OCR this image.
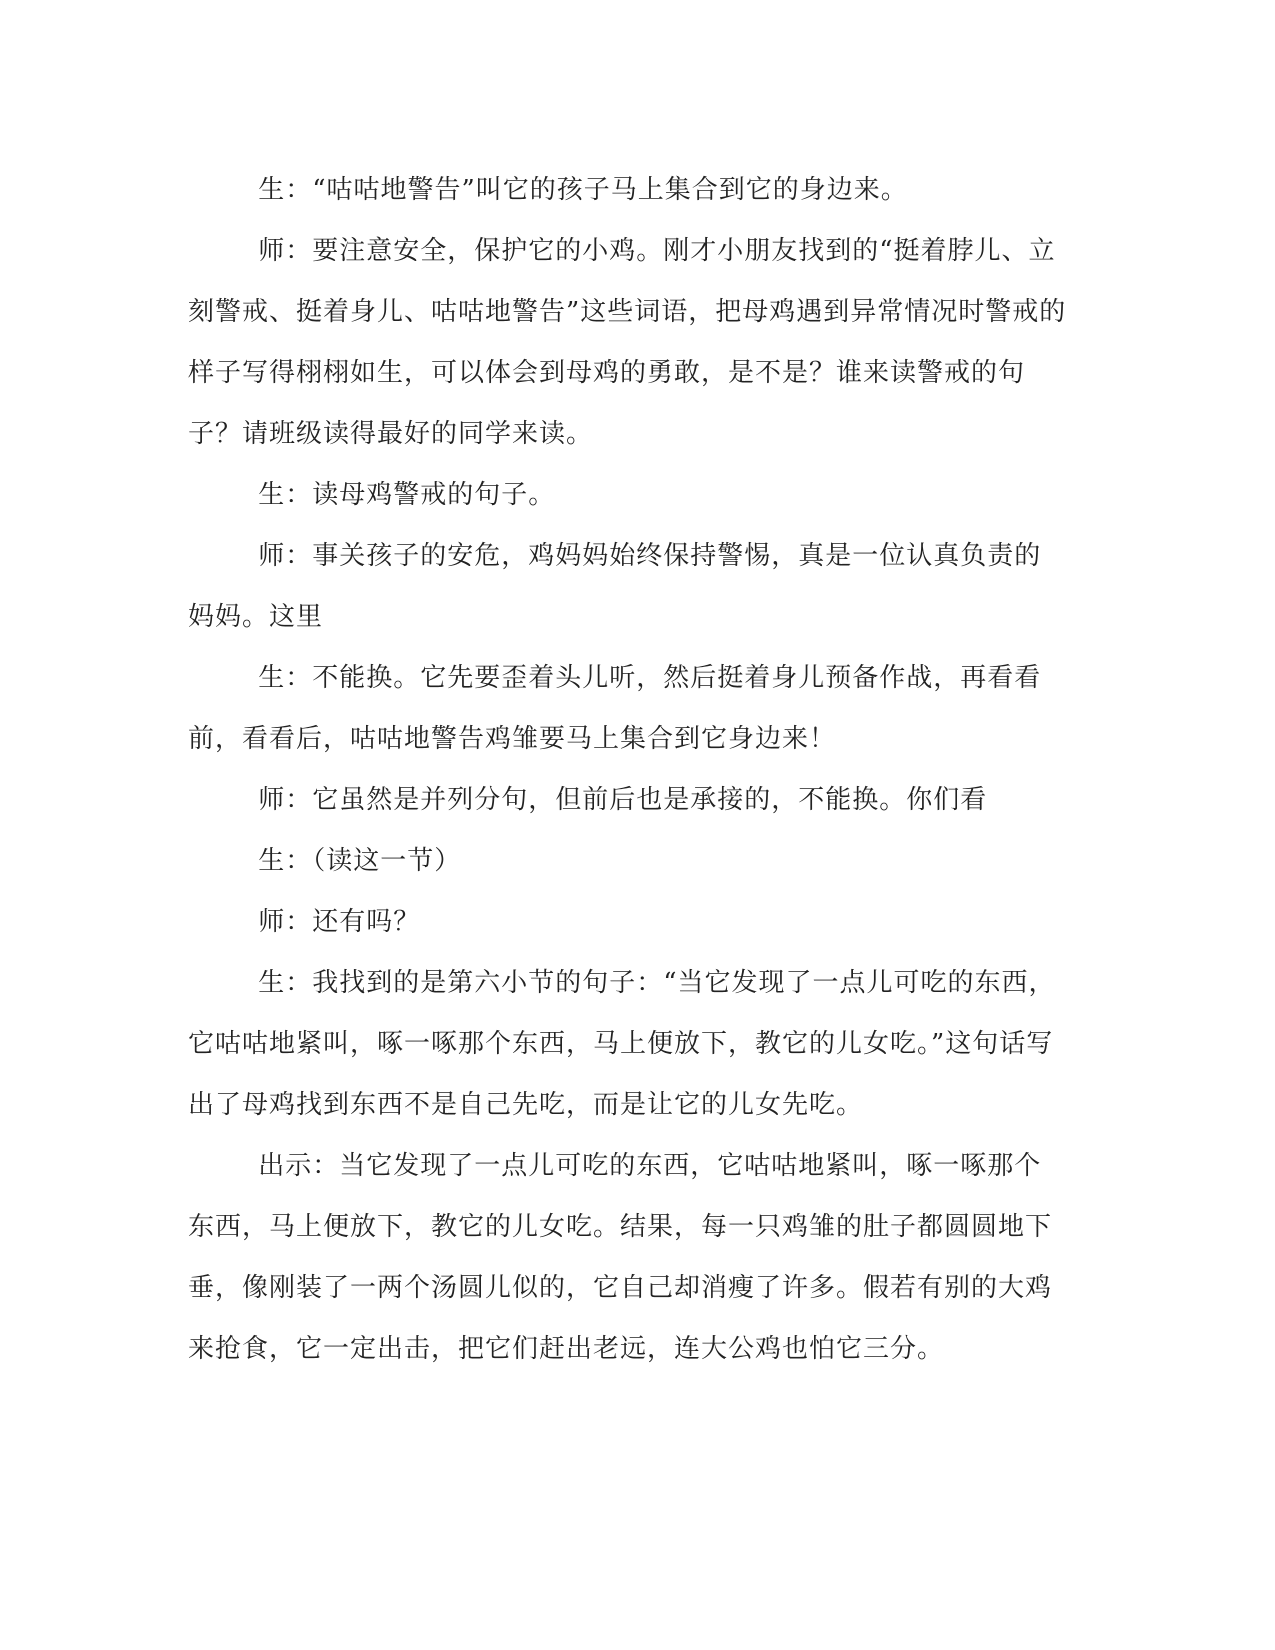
生：“咕咕地警告”叫它的孩子马上集合到它的身边来。

师：要注意安全，保护它的小鸡。刚才小朋友找到的“挺着脖儿、立刻警戒、挺着身儿、咕咕地警告”这些词语，把母鸡遇到异常情况时警戒的样子写得栩栩如生，可以体会到母鸡的勇敢，是不是？谁来读警戒的句子？请班级读得最好的同学来读。

生：读母鸡警戒的句子。

师：事关孩子的安危，鸡妈妈始终保持警惕，真是一位认真负责的妈妈。这里

生：不能换。它先要歪着头儿听，然后挺着身儿预备作战，再看看前，看看后，咕咕地警告鸡雏要马上集合到它身边来！

师：它虽然是并列分句，但前后也是承接的，不能换。你们看

生：（读这一节）

师：还有吗？

生：我找到的是第六小节的句子：“当它发现了一点儿可吃的东西，它咕咕地紧叫，啄一啄那个东西，马上便放下，教它的儿女吃。”这句话写出了母鸡找到东西不是自己先吃，而是让它的儿女先吃。

出示：当它发现了一点儿可吃的东西，它咕咕地紧叫，啄一啄那个东西，马上便放下，教它的儿女吃。结果，每一只鸡雏的肚子都圆圆地下垂，像刚装了一两个汤圆儿似的，它自己却消瘦了许多。假若有别的大鸡来抢食，它一定出击，把它们赶出老远，连大公鸡也怕它三分。
